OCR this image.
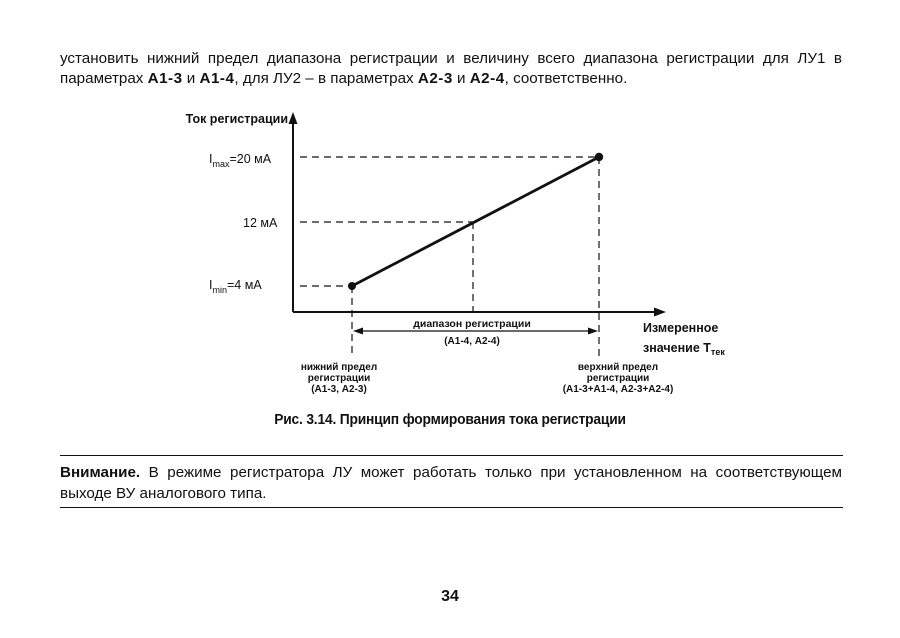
установить нижний предел диапазона регистрации и величину всего диапазона регистрации для ЛУ1 в параметрах А1-3 и А1-4, для ЛУ2 – в параметрах А2-3 и А2-4, соответственно.
Ток регистрации
$I_{max}=20$ мА
12 мА
$I_{min}=4$ мА
Измеренное
значение $T_{тек}$
диапазон регистрации
(А1-4, А2-4)
нижний предел
регистрации
(А1-3, А2-3)
верхний предел
регистрации
(А1-3+А1-4, А2-3+А2-4)
Рис. 3.14. Принцип формирования тока регистрации
Внимание. В режиме регистратора ЛУ может работать только при установленном на соответствующем выходе ВУ аналогового типа.
34
